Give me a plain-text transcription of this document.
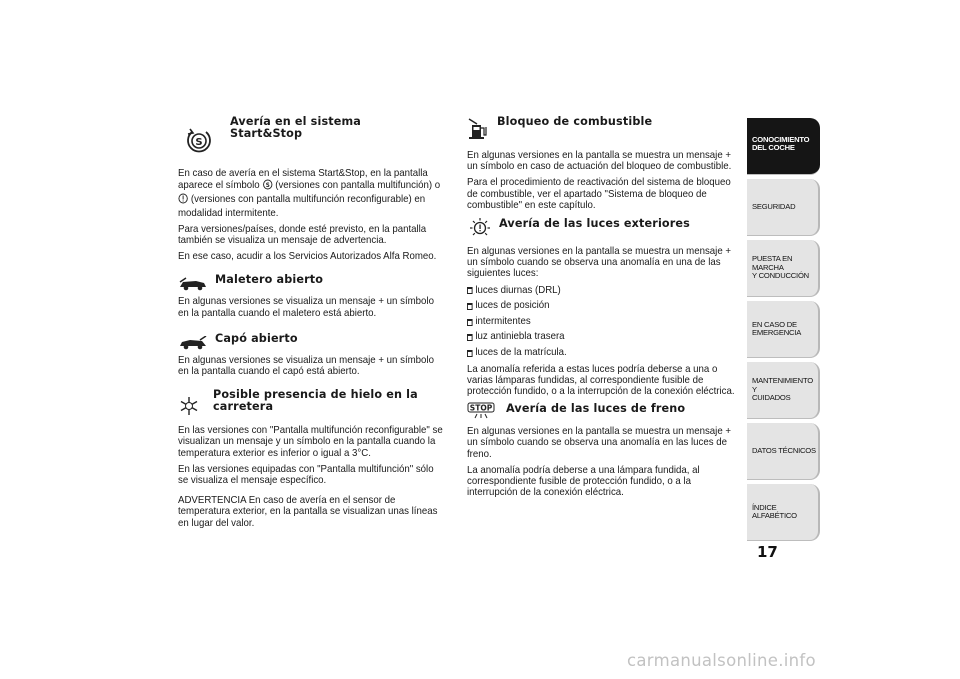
S
Avería en el sistema
Start&Stop

En caso de avería en el sistema Start&Stop, en la pantalla aparece el símbolo S (versiones con pantalla multifunción) o  (versiones con pantalla multifunción reconfigurable) en modalidad intermitente.

Para versiones/países, donde esté previsto, en la pantalla también se visualiza un mensaje de advertencia.

En ese caso, acudir a los Servicios Autorizados Alfa Romeo.

Maletero abierto

En algunas versiones se visualiza un mensaje + un símbolo en la pantalla cuando el maletero está abierto.

Capó abierto

En algunas versiones se visualiza un mensaje + un símbolo en la pantalla cuando el capó está abierto.

Posible presencia de hielo en la
carretera

En las versiones con "Pantalla multifunción reconfigurable" se visualizan un mensaje y un símbolo en la pantalla cuando la temperatura exterior es inferior o igual a 3°C.

En las versiones equipadas con "Pantalla multifunción" sólo se visualiza el mensaje específico.

ADVERTENCIA En caso de avería en el sensor de temperatura exterior, en la pantalla se visualizan unas líneas en lugar del valor.

Bloqueo de combustible

En algunas versiones en la pantalla se muestra un mensaje + un símbolo en caso de actuación del bloqueo de combustible.

Para el procedimiento de reactivación del sistema de bloqueo de combustible, ver el apartado "Sistema de bloqueo de combustible" en este capítulo.

Avería de las luces exteriores

En algunas versiones en la pantalla se muestra un mensaje + un símbolo cuando se observa una anomalía en una de las siguientes luces:

luces diurnas (DRL)
luces de posición
intermitentes
luz antiniebla trasera
luces de la matrícula.

La anomalía referida a estas luces podría deberse a una o varias lámparas fundidas, al correspondiente fusible de protección fundido, o a la interrupción de la conexión eléctrica.

STOP	Avería de las luces de freno

En algunas versiones en la pantalla se muestra un mensaje + un símbolo cuando se observa una anomalía en las luces de freno.

La anomalía podría deberse a una lámpara fundida, al correspondiente fusible de protección fundido, o a la interrupción de la conexión eléctrica.

CONOCIMIENTO
DEL COCHE
SEGURIDAD
PUESTA EN MARCHA
Y CONDUCCIÓN
EN CASO DE
EMERGENCIA
MANTENIMIENTO Y
CUIDADOS
DATOS TÉCNICOS
ÍNDICE ALFABÉTICO
17
carmanualsonline.info
